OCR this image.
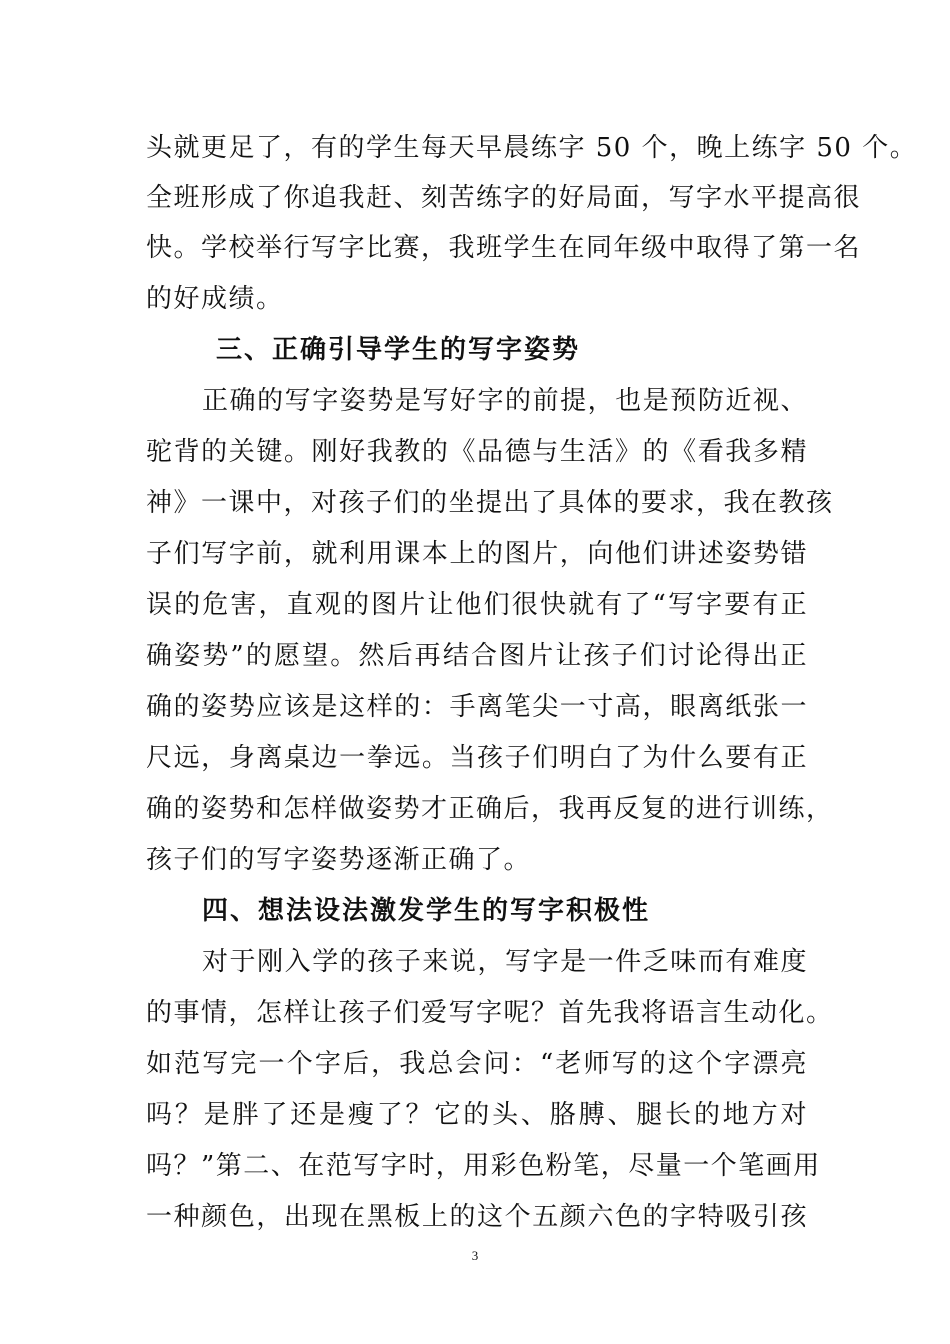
头就更足了，有的学生每天早晨练字 50 个，晚上练字 50 个。
全班形成了你追我赶、刻苦练字的好局面，写字水平提高很
快。学校举行写字比赛，我班学生在同年级中取得了第一名
的好成绩。
三、正确引导学生的写字姿势
正确的写字姿势是写好字的前提，也是预防近视、
驼背的关键。刚好我教的《品德与生活》的《看我多精
神》一课中，对孩子们的坐提出了具体的要求，我在教孩
子们写字前，就利用课本上的图片，向他们讲述姿势错
误的危害，直观的图片让他们很快就有了“写字要有正
确姿势”的愿望。然后再结合图片让孩子们讨论得出正
确的姿势应该是这样的：手离笔尖一寸高，眼离纸张一
尺远，身离桌边一拳远。当孩子们明白了为什么要有正
确的姿势和怎样做姿势才正确后，我再反复的进行训练，
孩子们的写字姿势逐渐正确了。
四、想法设法激发学生的写字积极性
对于刚入学的孩子来说，写字是一件乏味而有难度
的事情，怎样让孩子们爱写字呢？首先我将语言生动化。
如范写完一个字后，我总会问：“老师写的这个字漂亮
吗？是胖了还是瘦了？它的头、胳膊、腿长的地方对
吗？”第二、在范写字时，用彩色粉笔，尽量一个笔画用
一种颜色，出现在黑板上的这个五颜六色的字特吸引孩
3
